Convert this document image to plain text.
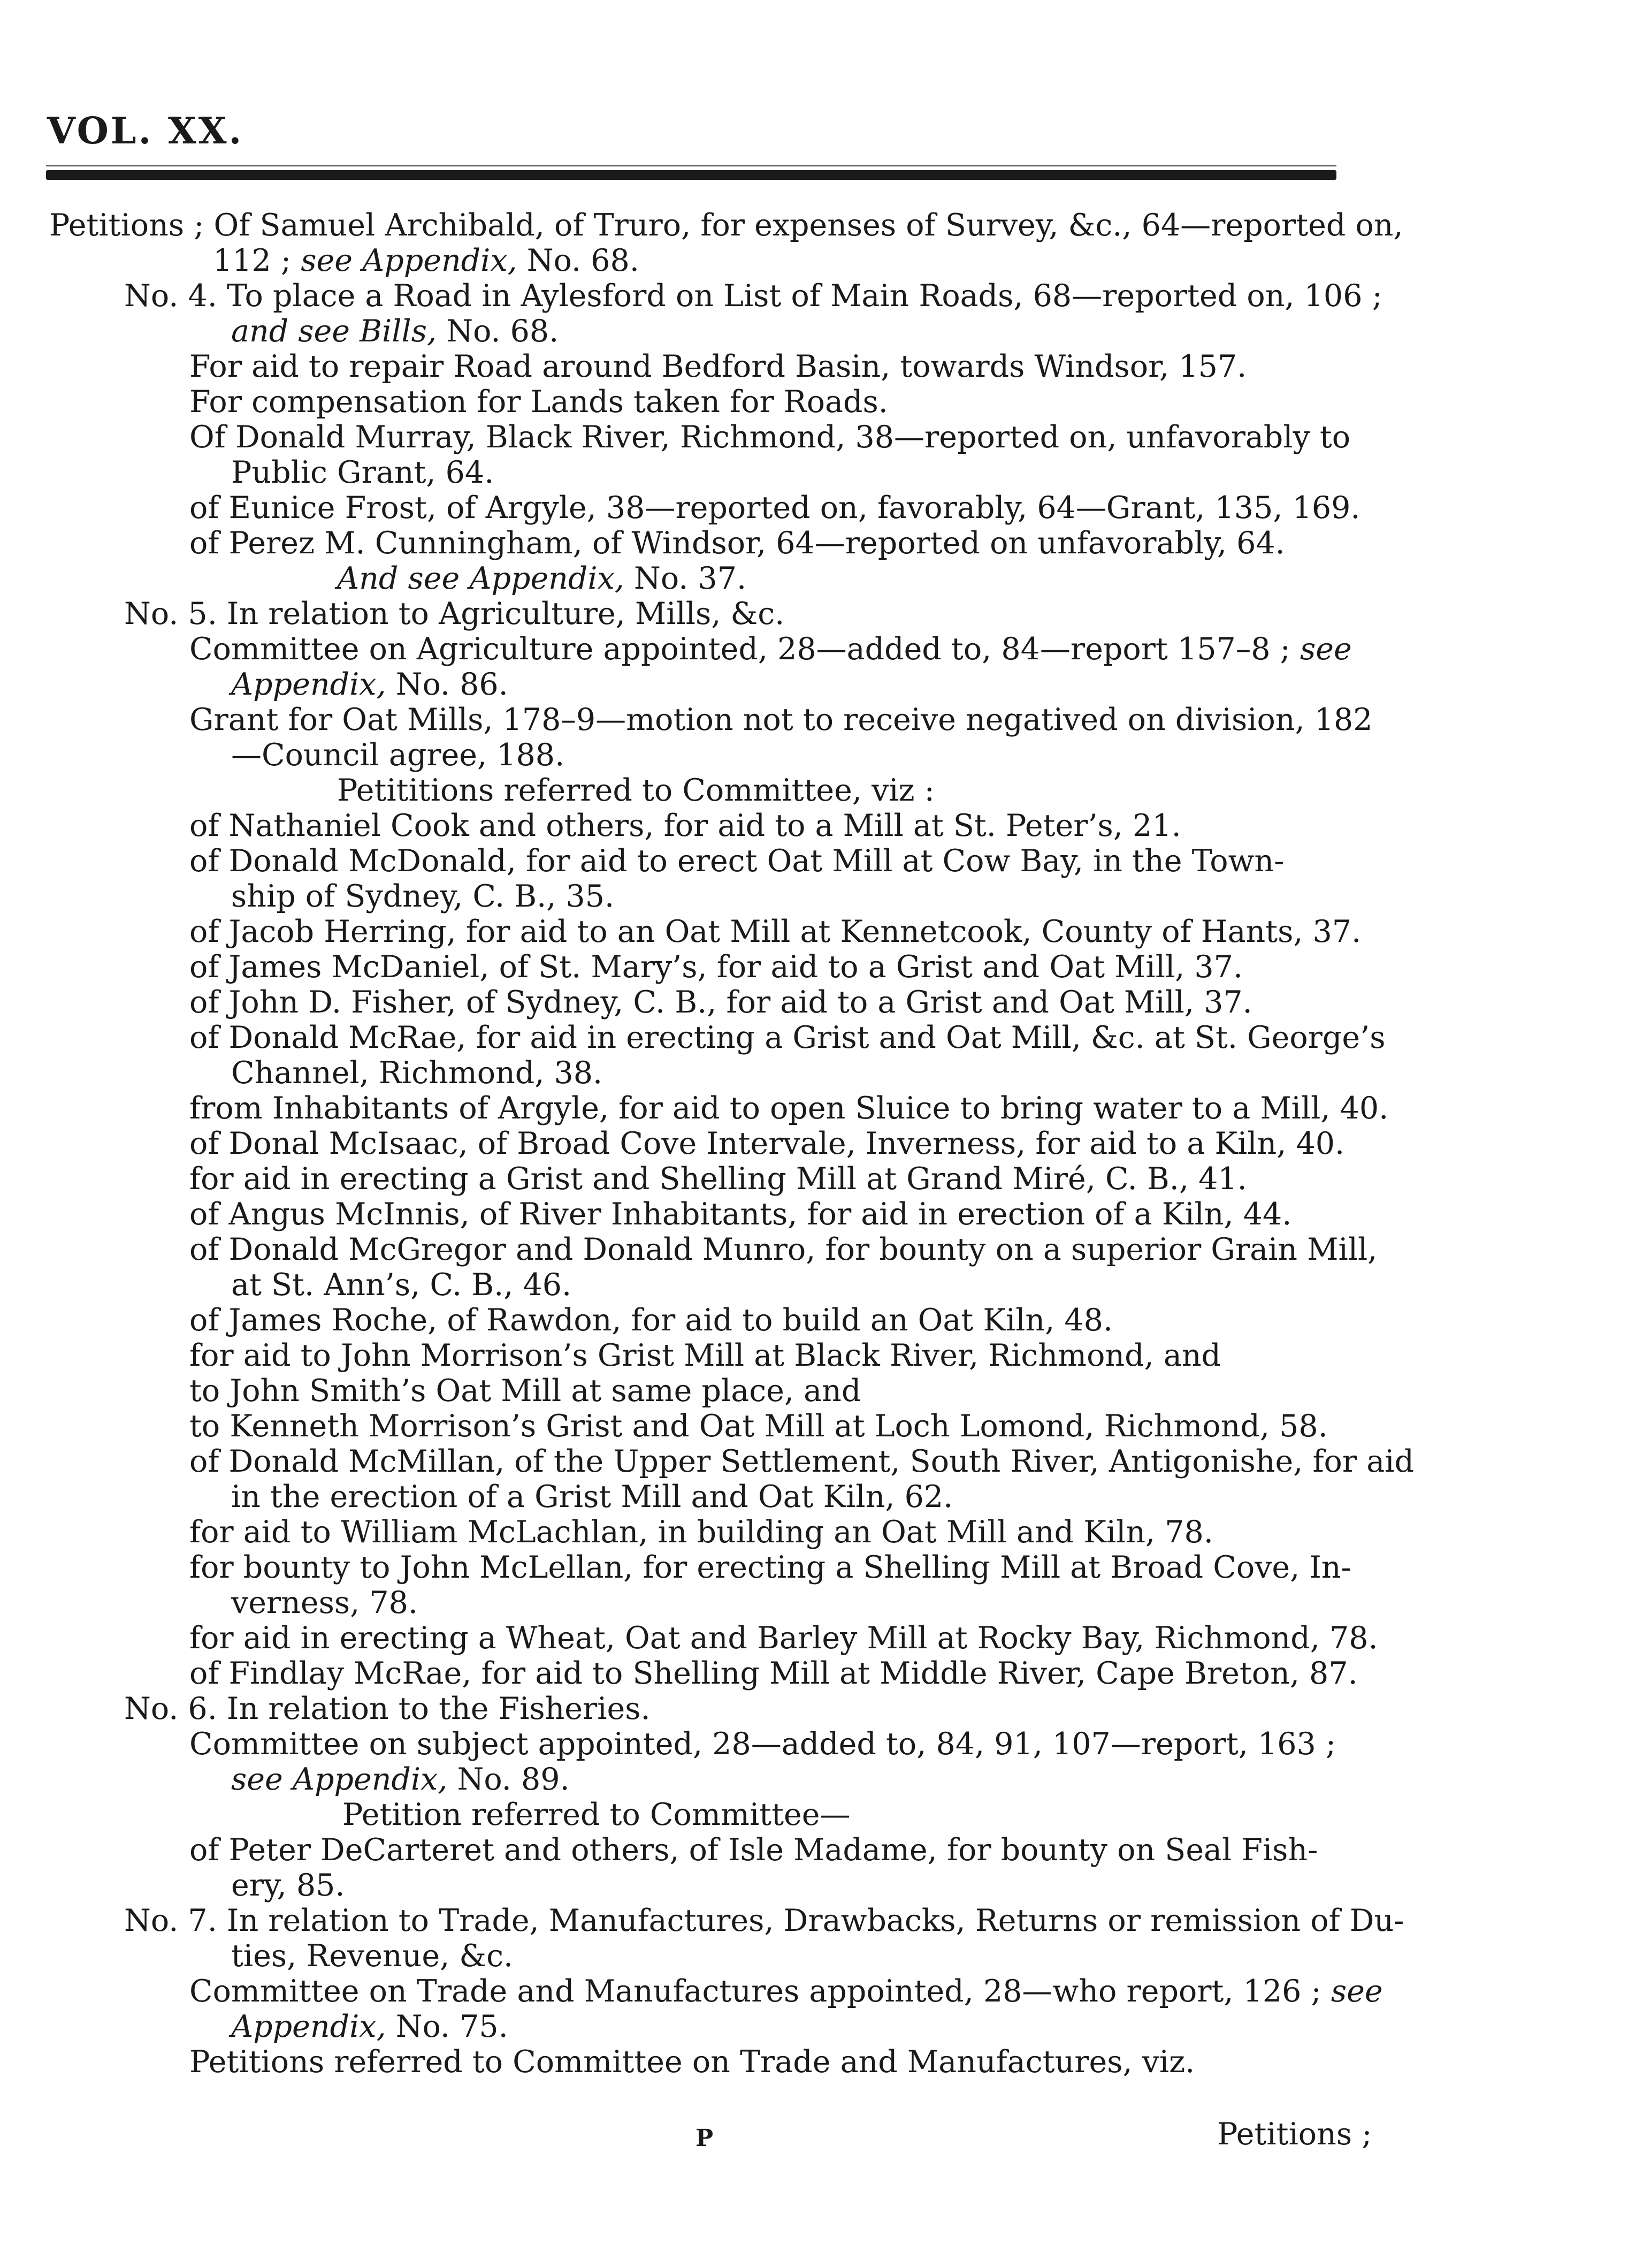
VOL. XX.
Petitions ; Of Samuel Archibald, of Truro, for expenses of Survey, &c., 64—reported on,
112 ; see Appendix, No. 68.
No. 4. To place a Road in Aylesford on List of Main Roads, 68—reported on, 106 ;
and see Bills, No. 68.
For aid to repair Road around Bedford Basin, towards Windsor, 157.
For compensation for Lands taken for Roads.
Of Donald Murray, Black River, Richmond, 38—reported on, unfavorably to
Public Grant, 64.
of Eunice Frost, of Argyle, 38—reported on, favorably, 64—Grant, 135, 169.
of Perez M. Cunningham, of Windsor, 64—reported on unfavorably, 64.
And see Appendix, No. 37.
No. 5. In relation to Agriculture, Mills, &c.
Committee on Agriculture appointed, 28—added to, 84—report 157–8 ; see
Appendix, No. 86.
Grant for Oat Mills, 178–9—motion not to receive negatived on division, 182
—Council agree, 188.
Petititions referred to Committee, viz :
of Nathaniel Cook and others, for aid to a Mill at St. Peter’s, 21.
of Donald McDonald, for aid to erect Oat Mill at Cow Bay, in the Town-
ship of Sydney, C. B., 35.
of Jacob Herring, for aid to an Oat Mill at Kennetcook, County of Hants, 37.
of James McDaniel, of St. Mary’s, for aid to a Grist and Oat Mill, 37.
of John D. Fisher, of Sydney, C. B., for aid to a Grist and Oat Mill, 37.
of Donald McRae, for aid in erecting a Grist and Oat Mill, &c. at St. George’s
Channel, Richmond, 38.
from Inhabitants of Argyle, for aid to open Sluice to bring water to a Mill, 40.
of Donal McIsaac, of Broad Cove Intervale, Inverness, for aid to a Kiln, 40.
for aid in erecting a Grist and Shelling Mill at Grand Miré, C. B., 41.
of Angus McInnis, of River Inhabitants, for aid in erection of a Kiln, 44.
of Donald McGregor and Donald Munro, for bounty on a superior Grain Mill,
at St. Ann’s, C. B., 46.
of James Roche, of Rawdon, for aid to build an Oat Kiln, 48.
for aid to John Morrison’s Grist Mill at Black River, Richmond, and
to John Smith’s Oat Mill at same place, and
to Kenneth Morrison’s Grist and Oat Mill at Loch Lomond, Richmond, 58.
of Donald McMillan, of the Upper Settlement, South River, Antigonishe, for aid
in the erection of a Grist Mill and Oat Kiln, 62.
for aid to William McLachlan, in building an Oat Mill and Kiln, 78.
for bounty to John McLellan, for erecting a Shelling Mill at Broad Cove, In-
verness, 78.
for aid in erecting a Wheat, Oat and Barley Mill at Rocky Bay, Richmond, 78.
of Findlay McRae, for aid to Shelling Mill at Middle River, Cape Breton, 87.
No. 6. In relation to the Fisheries.
Committee on subject appointed, 28—added to, 84, 91, 107—report, 163 ;
see Appendix, No. 89.
Petition referred to Committee—
of Peter DeCarteret and others, of Isle Madame, for bounty on Seal Fish-
ery, 85.
No. 7. In relation to Trade, Manufactures, Drawbacks, Returns or remission of Du-
ties, Revenue, &c.
Committee on Trade and Manufactures appointed, 28—who report, 126 ; see
Appendix, No. 75.
Petitions referred to Committee on Trade and Manufactures, viz.
P	Petitions ;
